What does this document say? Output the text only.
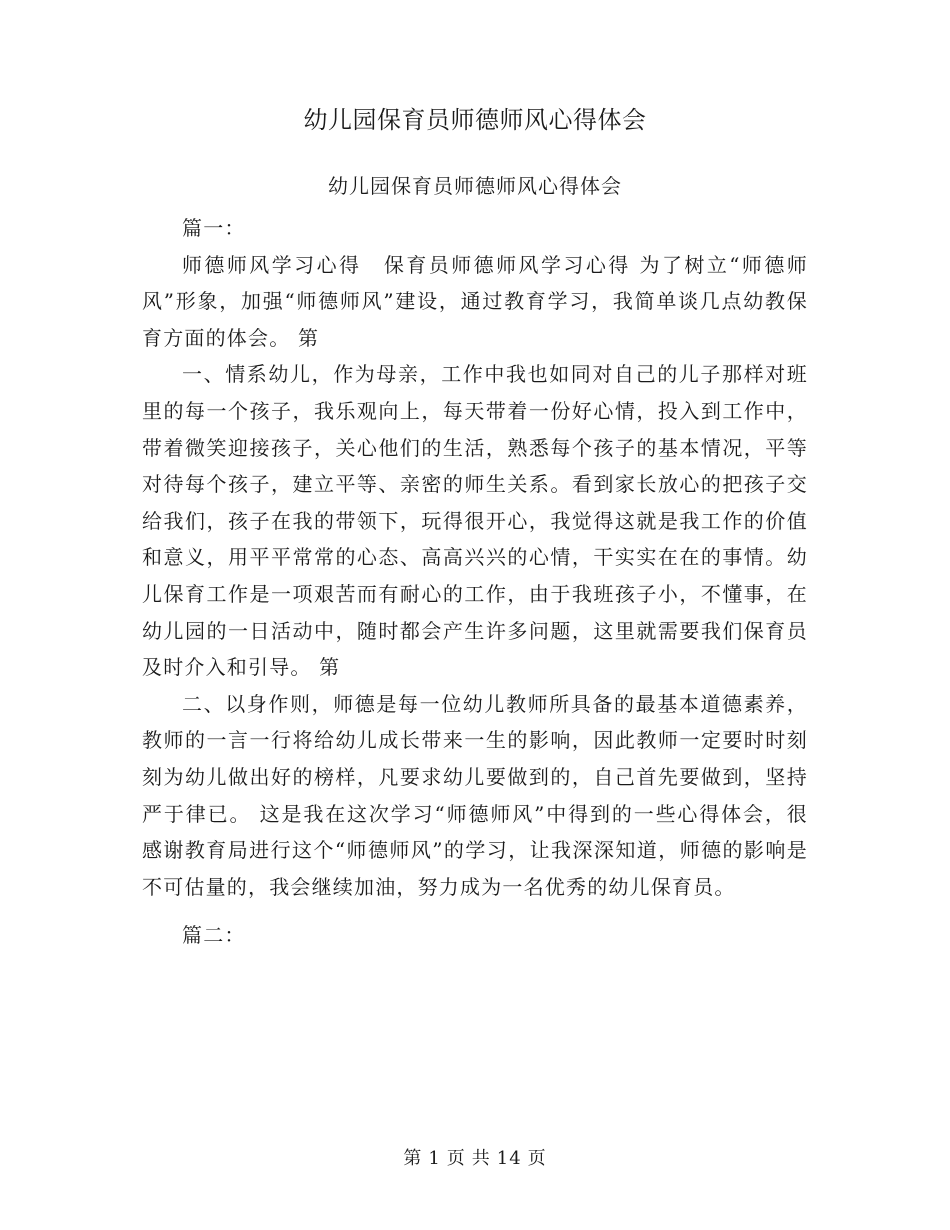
幼儿园保育员师德师风心得体会
幼儿园保育员师德师风心得体会

篇一：

师德师风学习心得　保育员师德师风学习心得 为了树立“师德师风”形象，加强“师德师风”建设，通过教育学习，我简单谈几点幼教保育方面的体会。 第

一、情系幼儿，作为母亲，工作中我也如同对自己的儿子那样对班里的每一个孩子，我乐观向上，每天带着一份好心情，投入到工作中，带着微笑迎接孩子，关心他们的生活，熟悉每个孩子的基本情况，平等对待每个孩子，建立平等、亲密的师生关系。看到家长放心的把孩子交给我们，孩子在我的带领下，玩得很开心，我觉得这就是我工作的价值和意义，用平平常常的心态、高高兴兴的心情，干实实在在的事情。幼儿保育工作是一项艰苦而有耐心的工作，由于我班孩子小，不懂事，在幼儿园的一日活动中，随时都会产生许多问题，这里就需要我们保育员及时介入和引导。 第

二、以身作则，师德是每一位幼儿教师所具备的最基本道德素养，教师的一言一行将给幼儿成长带来一生的影响，因此教师一定要时时刻刻为幼儿做出好的榜样，凡要求幼儿要做到的，自己首先要做到，坚持严于律已。 这是我在这次学习“师德师风”中得到的一些心得体会，很感谢教育局进行这个“师德师风”的学习，让我深深知道，师德的影响是不可估量的，我会继续加油，努力成为一名优秀的幼儿保育员。

篇二：

第 1 页 共 14 页
